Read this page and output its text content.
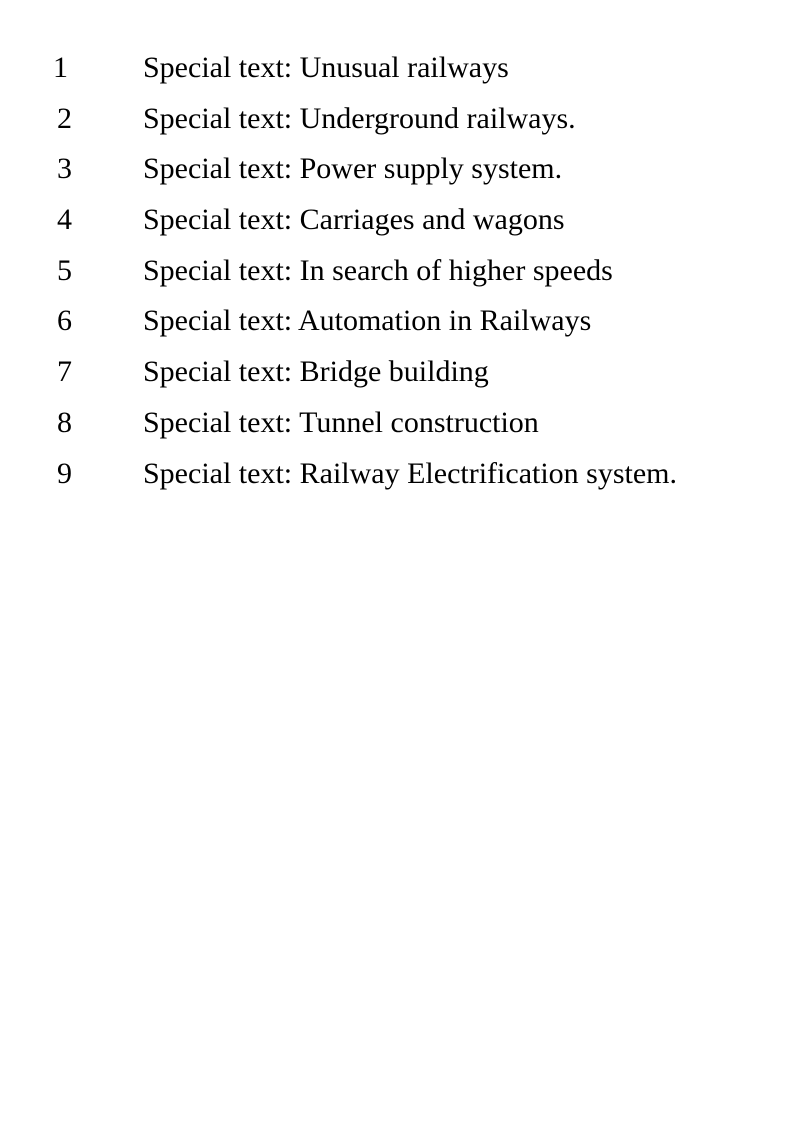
1	Special text: Unusual railways
2 Special text: Underground railways.
3 Special text: Power supply system.
4 Special text: Carriages and wagons
5 Special text: In search of higher speeds
6 Special text: Automation in Railways
7 Special text: Bridge building
8 Special text: Tunnel construction
9 Special text: Railway Electrification system.
